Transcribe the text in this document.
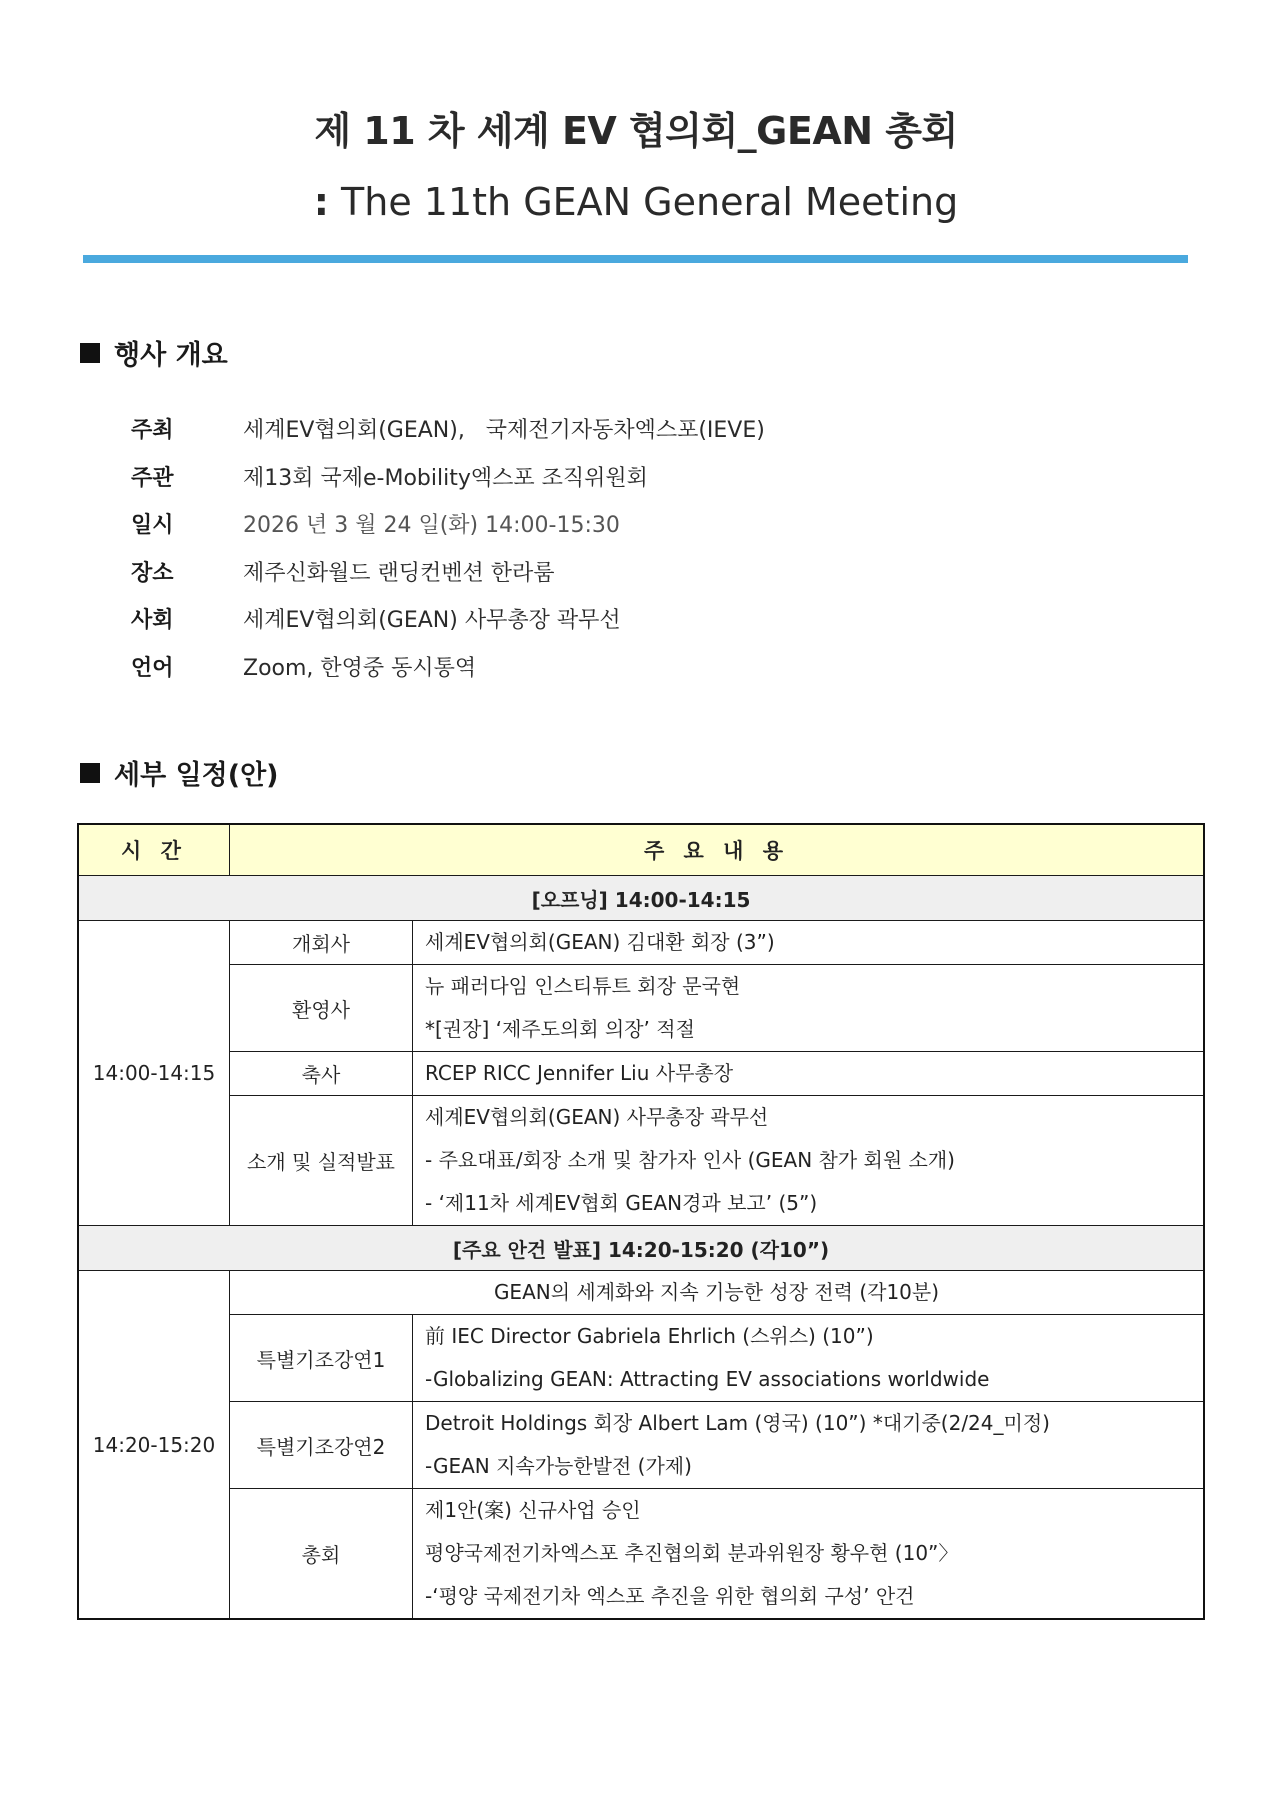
제 11 차 세계 EV 협의회_GEAN 총회
: The 11th GEAN General Meeting
행사 개요
주최	세계EV협의회(GEAN),   국제전기자동차엑스포(IEVE)
주관	제13회 국제e-Mobility엑스포 조직위원회
일시	2026 년 3 월 24 일(화) 14:00-15:30
장소	제주신화월드 랜딩컨벤션 한라룸
사회	세계EV협의회(GEAN) 사무총장 곽무선
언어	Zoom, 한영중 동시통역
세부 일정(안)
시 간	주 요 내 용	
[오프닝] 14:00-14:15		
14:00-14:15	개회사	세계EV협의회(GEAN) 김대환 회장 (3”)

	환영사	뉴 패러다임 인스티튜트 회장 문국현
*[권장] ‘제주도의회 의장’ 적절

	축사	RCEP RICC Jennifer Liu 사무총장

	소개 및 실적발표	세계EV협의회(GEAN) 사무총장 곽무선
- 주요대표/회장 소개 및 참가자 인사 (GEAN 참가 회원 소개)
- ‘제11차 세계EV협회 GEAN경과 보고’ (5”)

[주요 안건 발표] 14:20-15:20 (각10”)		
14:20-15:20	GEAN의 세계화와 지속 기능한 성장 전력 (각10분)	

	특별기조강연1	前 IEC Director Gabriela Ehrlich (스위스) (10”)
-Globalizing GEAN: Attracting EV associations worldwide

	특별기조강연2	Detroit Holdings 회장 Albert Lam (영국) (10”) *대기중(2/24_미정)
-GEAN 지속가능한발전 (가제)

	총회	제1안(案) 신규사업 승인
평양국제전기차엑스포 추진협의회 분과위원장 황우현 (10”〉
-‘평양 국제전기차 엑스포 추진을 위한 협의회 구성’ 안건
